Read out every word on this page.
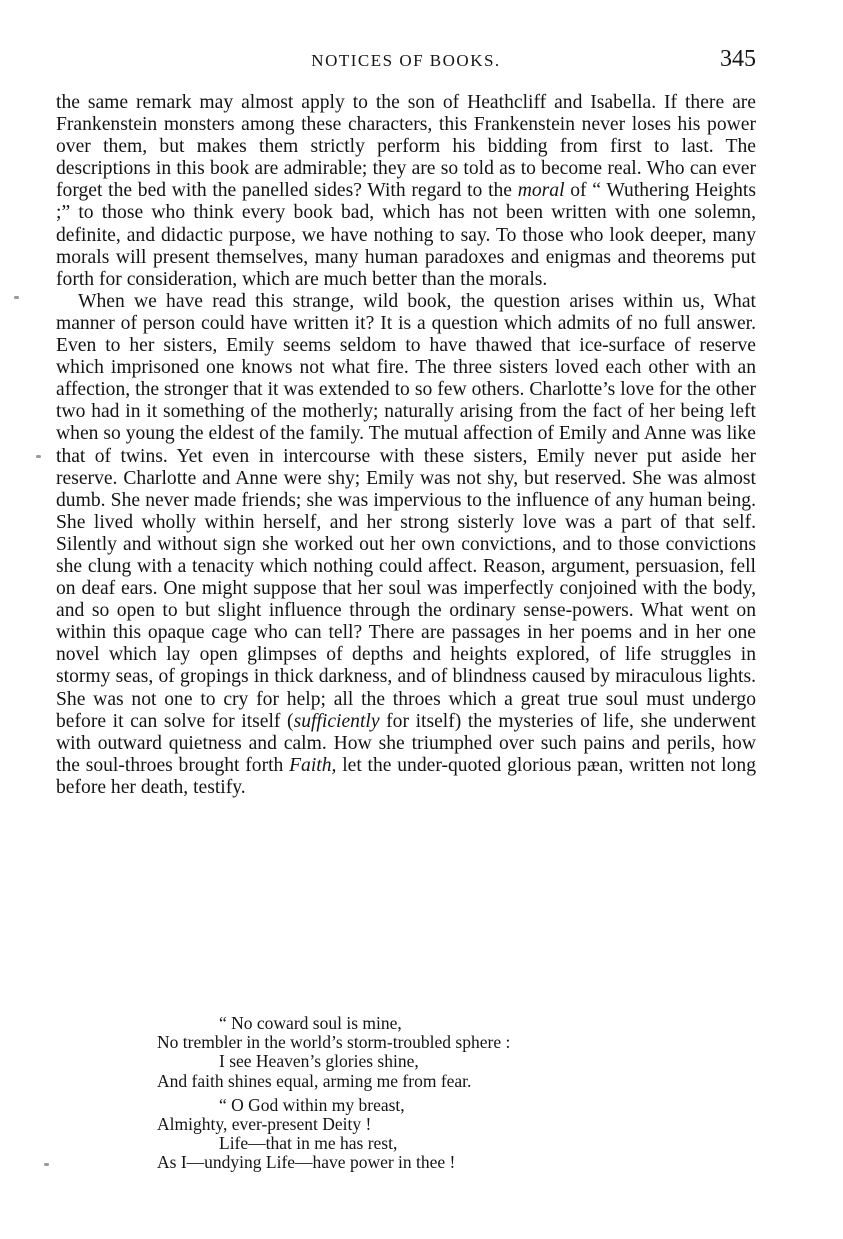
NOTICES OF BOOKS.	345

the same remark may almost apply to the son of Heathcliff and Isabella. If there are Frankenstein monsters among these characters, this Frankenstein never loses his power over them, but makes them strictly perform his bidding from first to last. The descriptions in this book are admirable; they are so told as to become real. Who can ever forget the bed with the panelled sides? With regard to the moral of “ Wuthering Heights ;” to those who think every book bad, which has not been written with one solemn, definite, and didactic purpose, we have nothing to say. To those who look deeper, many morals will present themselves, many human paradoxes and enigmas and theorems put forth for consideration, which are much better than the morals.

When we have read this strange, wild book, the question arises within us, What manner of person could have written it? It is a question which admits of no full answer. Even to her sisters, Emily seems seldom to have thawed that ice-surface of reserve which imprisoned one knows not what fire. The three sisters loved each other with an affection, the stronger that it was extended to so few others. Charlotte’s love for the other two had in it something of the motherly; naturally arising from the fact of her being left when so young the eldest of the family. The mutual affection of Emily and Anne was like that of twins. Yet even in intercourse with these sisters, Emily never put aside her reserve. Charlotte and Anne were shy; Emily was not shy, but reserved. She was almost dumb. She never made friends; she was impervious to the influence of any human being. She lived wholly within herself, and her strong sisterly love was a part of that self. Silently and without sign she worked out her own convictions, and to those convictions she clung with a tenacity which nothing could affect. Reason, argument, persuasion, fell on deaf ears. One might suppose that her soul was imperfectly conjoined with the body, and so open to but slight influence through the ordinary sense-powers. What went on within this opaque cage who can tell? There are passages in her poems and in her one novel which lay open glimpses of depths and heights explored, of life struggles in stormy seas, of gropings in thick darkness, and of blindness caused by miraculous lights. She was not one to cry for help; all the throes which a great true soul must undergo before it can solve for itself (sufficiently for itself) the mysteries of life, she underwent with outward quietness and calm. How she triumphed over such pains and perils, how the soul-throes brought forth Faith, let the under-quoted glorious pæan, written not long before her death, testify.

“ No coward soul is mine,
No trembler in the world’s storm-troubled sphere :
I see Heaven’s glories shine,
And faith shines equal, arming me from fear.
“ O God within my breast,
Almighty, ever-present Deity !
Life—that in me has rest,
As I—undying Life—have power in thee !
